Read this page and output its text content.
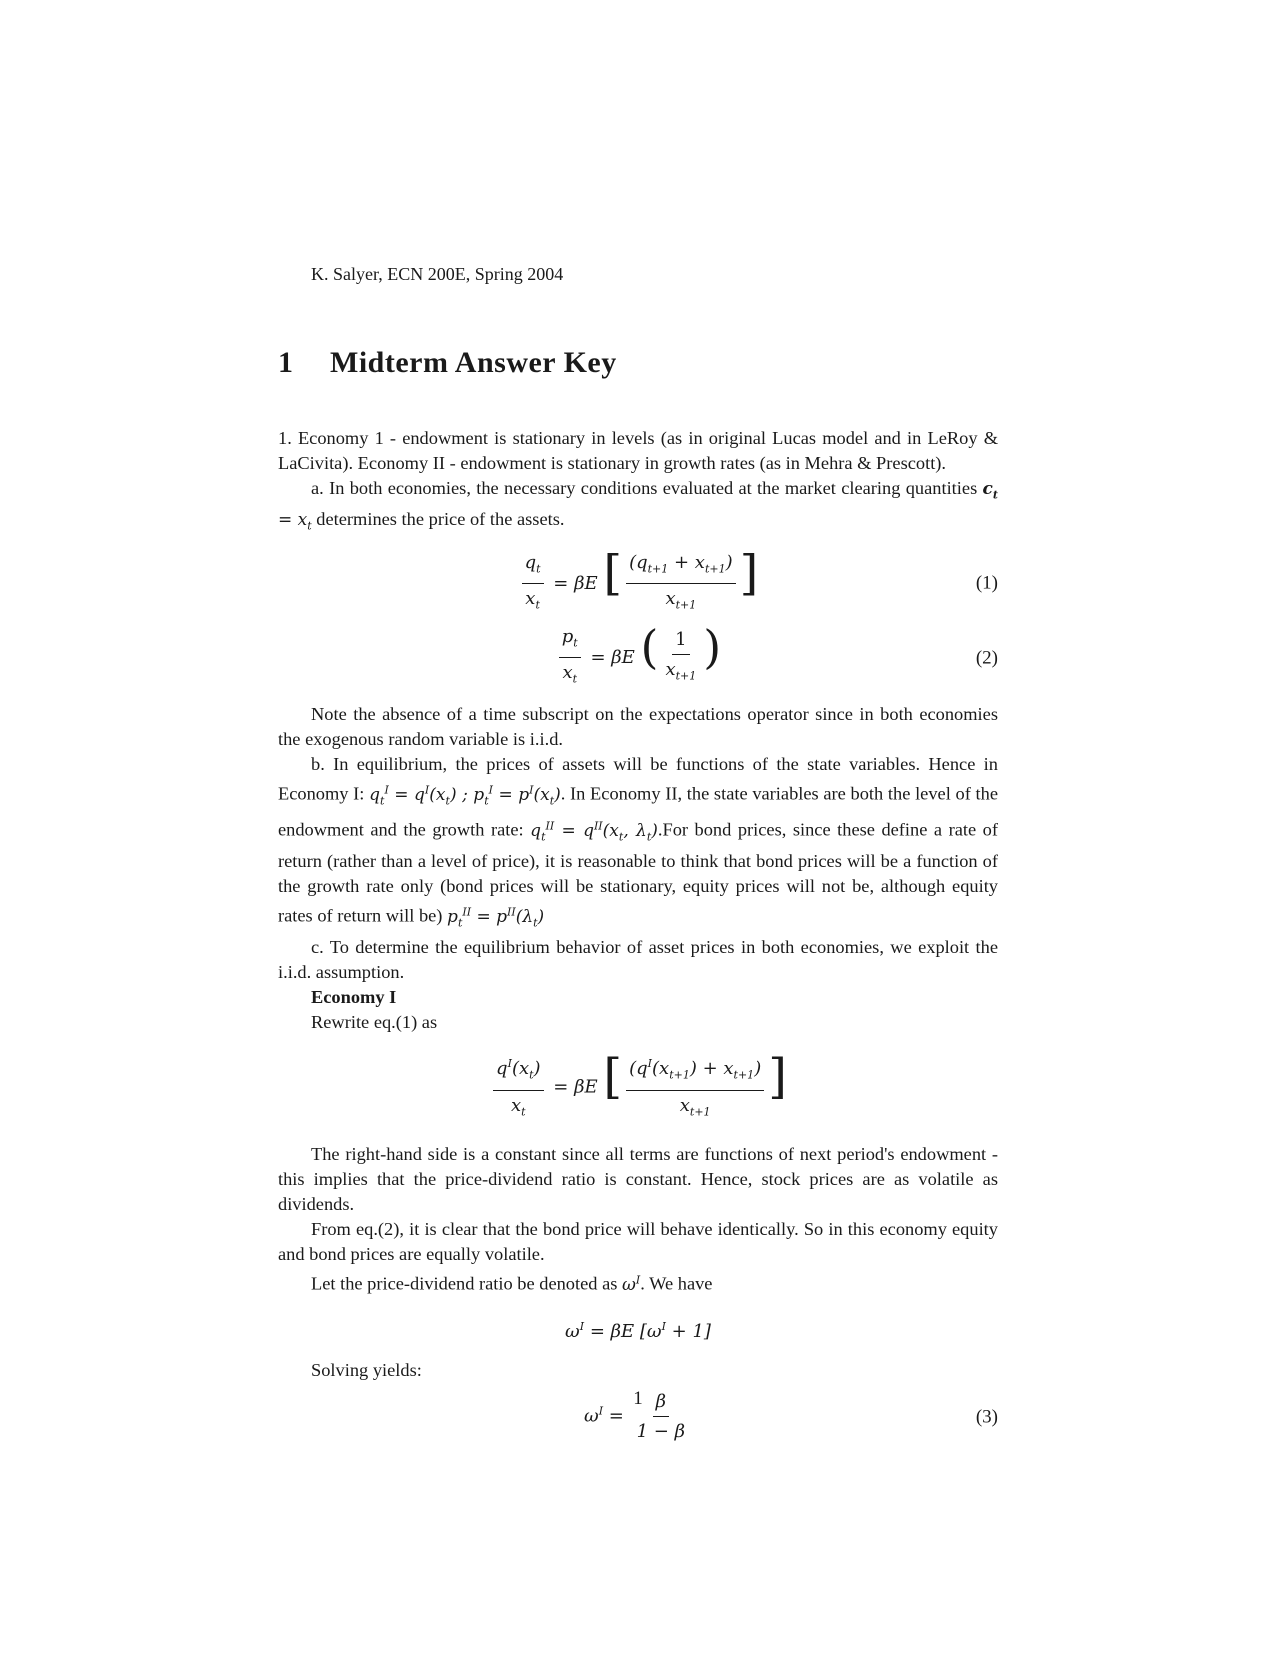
K. Salyer, ECN 200E, Spring 2004
1 Midterm Answer Key

1. Economy 1 - endowment is stationary in levels (as in original Lucas model and in LeRoy & LaCivita). Economy II - endowment is stationary in growth rates (as in Mehra & Prescott).

a. In both economies, the necessary conditions evaluated at the market clearing quantities $c_t = x_t$ determines the price of the assets.

$\frac{q_t}{x_t} = \beta E$ [ $\frac{(q_{t+1} + x_{t+1})}{x_{t+1}}$ ]	(1)
$\frac{p_t}{x_t} = \beta E$ ( $\frac{1}{x_{t+1}}$ )	(2)

Note the absence of a time subscript on the expectations operator since in both economies the exogenous random variable is i.i.d.

b. In equilibrium, the prices of assets will be functions of the state variables. Hence in Economy I: $q_t^I = q^I(x_t)$ ; $p_t^I = p^I(x_t)$. In Economy II, the state variables are both the level of the endowment and the growth rate: $q_t^{II} = q^{II}(x_t$, $\lambda_t).For$ bond prices, since these define a rate of return (rather than a level of price), it is reasonable to think that bond prices will be a function of the growth rate only (bond prices will be stationary, equity prices will not be, although equity rates of return will be) $p_t^{II} = p^{II}(\lambda_t)$

c. To determine the equilibrium behavior of asset prices in both economies, we exploit the i.i.d. assumption.

Economy I

Rewrite eq.(1) as

$\frac{q^I(x_t)}{x_t} = \beta E$ [ $\frac{(q^I(x_{t+1}) + x_{t+1})}{x_{t+1}}$ ]

The right-hand side is a constant since all terms are functions of next period's endowment - this implies that the price-dividend ratio is constant. Hence, stock prices are as volatile as dividends.

From eq.(2), it is clear that the bond price will behave identically. So in this economy equity and bond prices are equally volatile.

Let the price-dividend ratio be denoted as $\omega^I$. We have

$\omega^I = \beta E$ $[\omega^I + 1]$

Solving yields:

$\omega^I = \frac{\beta}{1 - \beta}$	(3)
1
